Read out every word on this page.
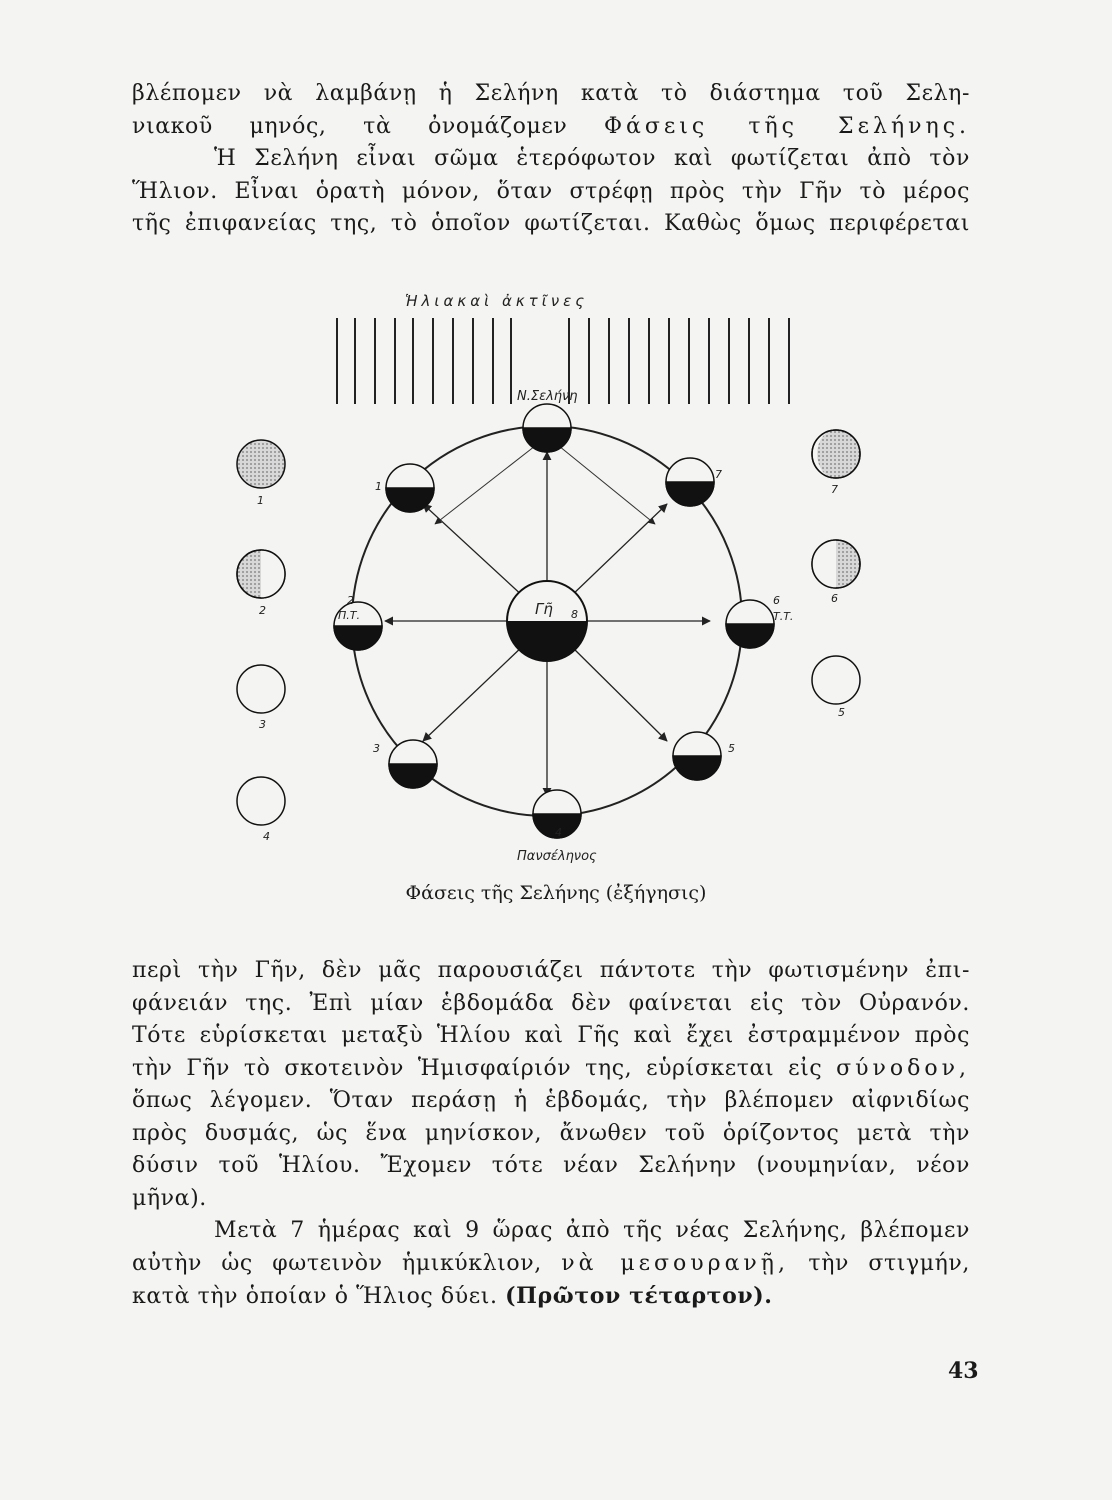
βλέπομεν νὰ λαμβάνῃ ἡ Σελήνη κατὰ τὸ διάστημα τοῦ Σελη-
νιακοῦ μηνός, τὰ ὀνομάζομεν Φάσεις τῆς Σελήνης.
Ἡ Σελήνη εἶναι σῶμα ἑτερόφωτον καὶ φωτίζεται ἀπὸ τὸν
Ἥλιον. Εἶναι ὁρατὴ μόνον, ὅταν στρέφῃ πρὸς τὴν Γῆν τὸ μέρος
τῆς ἐπιφανείας της, τὸ ὁποῖον φωτίζεται. Καθὼς ὅμως περιφέρεται
Ἡλιακαὶ ἀκτῖνες
Ν.Σελήνη
Γῆ
Π.Τ.	Τ.Τ.
Πανσέληνος
1
2
3
4
5
6
7
8
1
2
3
4
7
6
5
Φάσεις τῆς Σελήνης (ἐξήγησις)
περὶ τὴν Γῆν, δὲν μᾶς παρουσιάζει πάντοτε τὴν φωτισμένην ἐπι-
φάνειάν της. Ἐπὶ μίαν ἑβδομάδα δὲν φαίνεται εἰς τὸν Οὐρανόν.
Τότε εὑρίσκεται μεταξὺ Ἡλίου καὶ Γῆς καὶ ἔχει ἐστραμμένον πρὸς
τὴν Γῆν τὸ σκοτεινὸν Ἡμισφαίριόν της, εὑρίσκεται εἰς σύνοδον,
ὅπως λέγομεν. Ὅταν περάσῃ ἡ ἑβδομάς, τὴν βλέπομεν αἰφνιδίως
πρὸς δυσμάς, ὡς ἕνα μηνίσκον, ἄνωθεν τοῦ ὁρίζοντος μετὰ τὴν
δύσιν τοῦ Ἡλίου. Ἔχομεν τότε νέαν Σελήνην (νουμηνίαν, νέον
μῆνα).
Μετὰ 7 ἡμέρας καὶ 9 ὥρας ἀπὸ τῆς νέας Σελήνης, βλέπομεν
αὐτὴν ὡς φωτεινὸν ἡμικύκλιον, νὰ μεσουρανῇ, τὴν στιγμήν,
κατὰ τὴν ὁποίαν ὁ Ἥλιος δύει. (Πρῶτον τέταρτον).
43
